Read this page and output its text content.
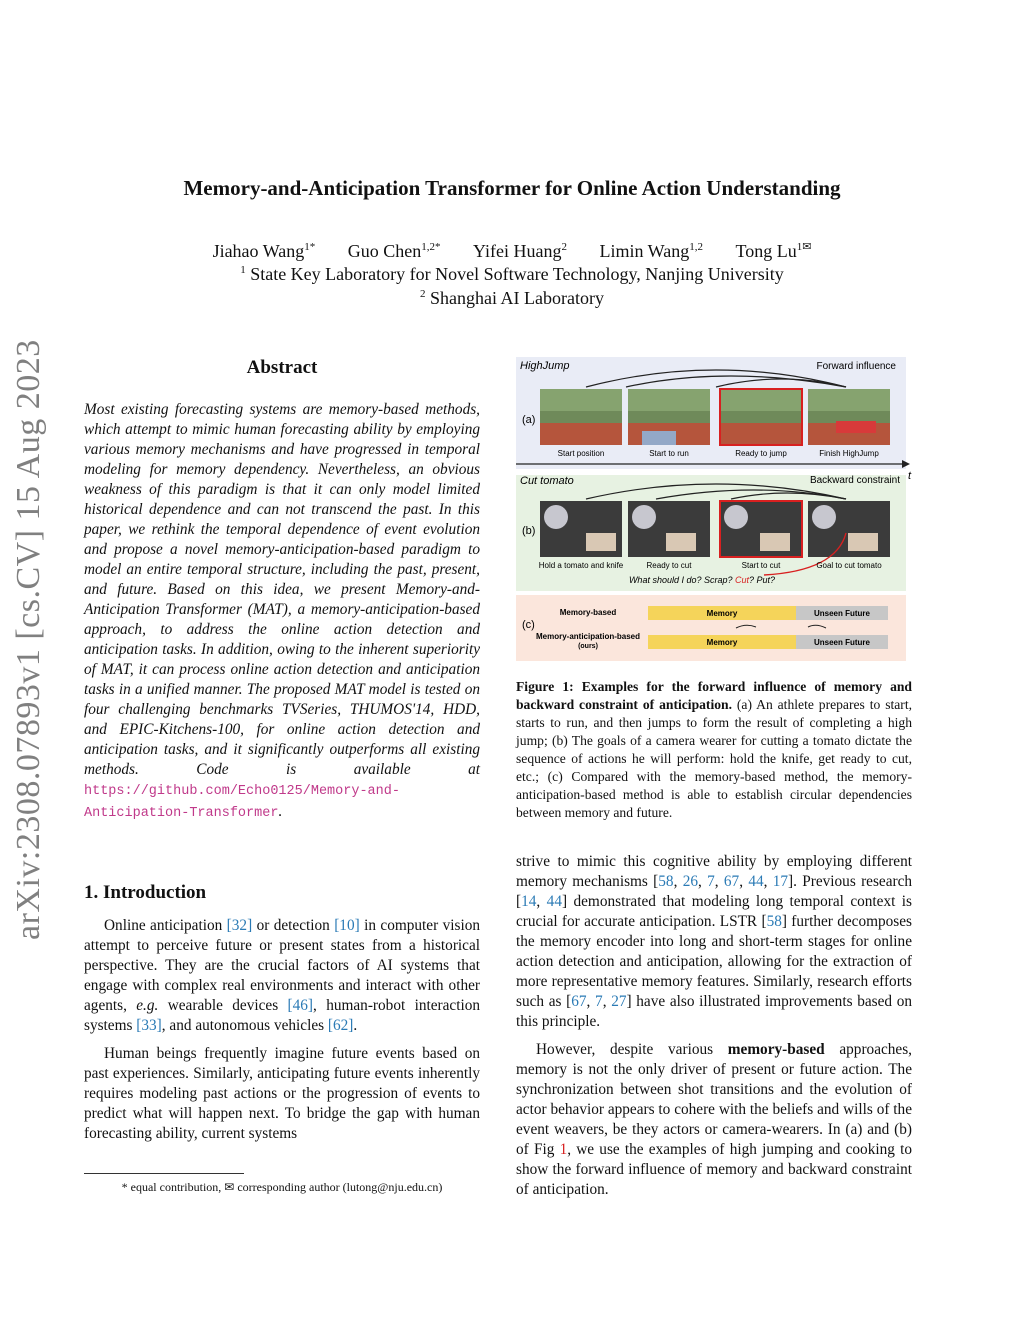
Memory-and-Anticipation Transformer for Online Action Understanding
Jiahao Wang$^{1*}$ Guo Chen$^{1,2*}$ Yifei Huang$^2$ Limin Wang$^{1,2}$ Tong $Lu^{1✉}$
$^1$ State Key Laboratory for Novel Software Technology, Nanjing University
$^2$ Shanghai AI Laboratory
arXiv:2308.07893v1 [cs.CV] 15 Aug 2023	Abstract
Most existing forecasting systems are memory-based methods, which attempt to mimic human forecasting ability by employing various memory mechanisms and have progressed in temporal modeling for memory dependency. Nevertheless, an obvious weakness of this paradigm is that it can only model limited historical dependence and can not transcend the past. In this paper, we rethink the temporal dependence of event evolution and propose a novel memory-anticipation-based paradigm to model an entire temporal structure, including the past, present, and future. Based on this idea, we present Memory-and-Anticipation Transformer (MAT), a memory-anticipation-based approach, to address the online action detection and anticipation tasks. In addition, owing to the inherent superiority of MAT, it can process online action detection and anticipation tasks in a unified manner. The proposed MAT model is tested on four challenging benchmarks TVSeries, THUMOS'14, HDD, and EPIC-Kitchens-100, for online action detection and anticipation tasks, and it significantly outperforms all existing methods. Code is available at https://github.com/Echo0125/Memory-and-Anticipation-Transformer.
1. Introduction

Online anticipation [32] or detection [10] in computer vision attempt to perceive future or present states from a historical perspective. They are the crucial factors of AI systems that engage with complex real environments and interact with other agents, e.g. wearable devices [46], human-robot interaction systems [33], and autonomous vehicles [62].

Human beings frequently imagine future events based on past experiences. Similarly, anticipating future events inherently requires modeling past actions or the progression of events to predict what will happen next. To bridge the gap with human forecasting ability, current systems

* equal contribution, ✉ corresponding author (lutong@nju.edu.cn)
HighJump	Forward influence
(a)
Start position	Start to run	Ready to jump	Finish HighJump
t
Cut tomato	Backward constraint
(b)
Hold a tomato and knife	Ready to cut	Start to cut	Goal to cut tomato
What should I do? Scrap? Cut? Put?
(c)
Memory-based
Memory-anticipation-based
(ours)
Memory	Unseen Future
Memory	Unseen Future
Figure 1: Examples for the forward influence of memory and backward constraint of anticipation. (a) An athlete prepares to start, starts to run, and then jumps to form the result of completing a high jump; (b) The goals of a camera wearer for cutting a tomato dictate the sequence of actions he will perform: hold the knife, get ready to cut, etc.; (c) Compared with the memory-based method, the memory-anticipation-based method is able to establish circular dependencies between memory and future.

strive to mimic this cognitive ability by employing different memory mechanisms [58, 26, 7, 67, 44, 17]. Previous research [14, 44] demonstrated that modeling long temporal context is crucial for accurate anticipation. LSTR [58] further decomposes the memory encoder into long and short-term stages for online action detection and anticipation, allowing for the extraction of more representative memory features. Similarly, research efforts such as [67, 7, 27] have also illustrated improvements based on this principle.

However, despite various memory-based approaches, memory is not the only driver of present or future action. The synchronization between shot transitions and the evolution of actor behavior appears to cohere with the beliefs and wills of the event weavers, be they actors or camera-wearers. In (a) and (b) of Fig 1, we use the examples of high jumping and cooking to show the forward influence of memory and backward constraint of anticipation.
